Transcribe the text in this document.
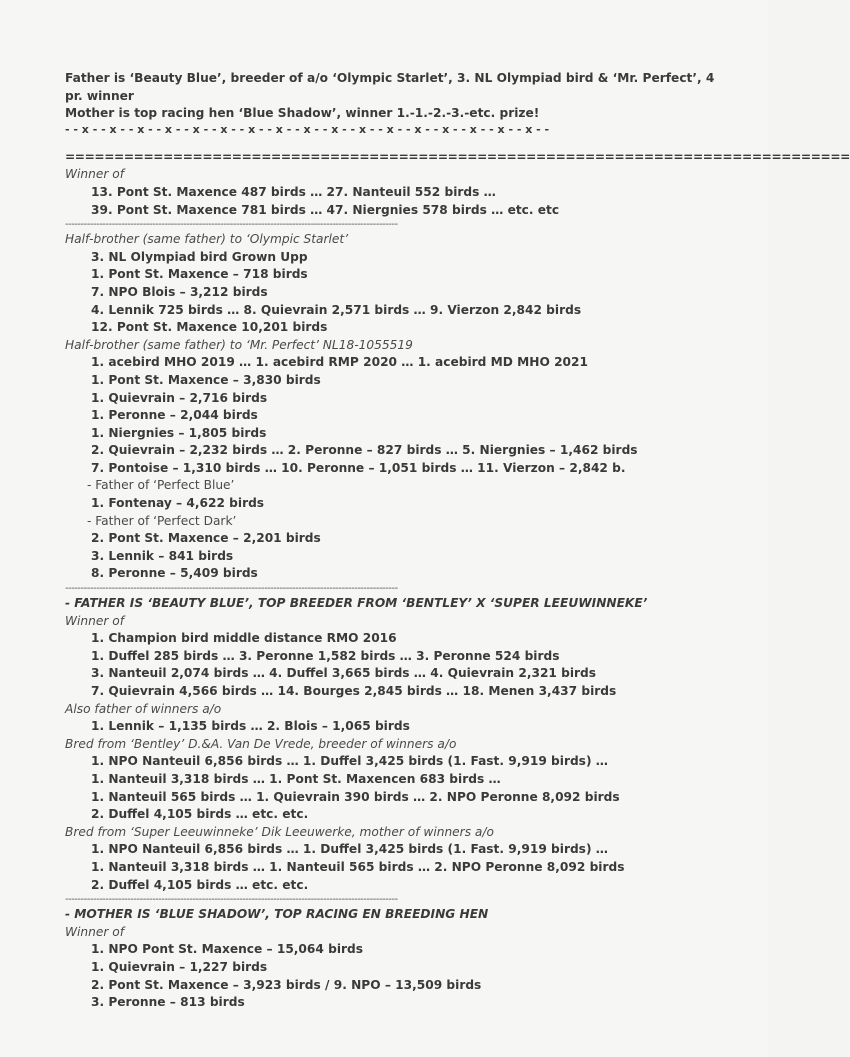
Father is ‘Beauty Blue’, breeder of a/o ‘Olympic Starlet’, 3. NL Olympiad bird & ‘Mr. Perfect’, 4
pr. winner
Mother is top racing hen ‘Blue Shadow’, winner 1.-1.-2.-3.-etc. prize!
- - x - - x - - x - - x - - x - - x - - x - - x - - x - - x - - x - - x - - x - - x - - x - - x - - x - -
================================================================================
Winner of
13. Pont St. Maxence 487 birds … 27. Nanteuil 552 birds …
39. Pont St. Maxence 781 birds … 47. Niergnies 578 birds … etc. etc
-----------------------------------------------------------------------------------------------------------
Half-brother (same father) to ‘Olympic Starlet’
3. NL Olympiad bird Grown Upp
1. Pont St. Maxence – 718 birds
7. NPO Blois – 3,212 birds
4. Lennik 725 birds … 8. Quievrain 2,571 birds … 9. Vierzon 2,842 birds
12. Pont St. Maxence 10,201 birds
Half-brother (same father) to ‘Mr. Perfect’ NL18-1055519
1. acebird MHO 2019 … 1. acebird RMP 2020 … 1. acebird MD MHO 2021
1. Pont St. Maxence – 3,830 birds
1. Quievrain – 2,716 birds
1. Peronne – 2,044 birds
1. Niergnies – 1,805 birds
2. Quievrain – 2,232 birds … 2. Peronne – 827 birds … 5. Niergnies – 1,462 birds
7. Pontoise – 1,310 birds … 10. Peronne – 1,051 birds … 11. Vierzon – 2,842 b.
- Father of ‘Perfect Blue’
1. Fontenay – 4,622 birds
- Father of ‘Perfect Dark’
2. Pont St. Maxence – 2,201 birds
3. Lennik – 841 birds
8. Peronne – 5,409 birds
-----------------------------------------------------------------------------------------------------------
- FATHER IS ‘BEAUTY BLUE’, TOP BREEDER FROM ‘BENTLEY’ X ‘SUPER LEEUWINNEKE’
Winner of
1. Champion bird middle distance RMO 2016
1. Duffel 285 birds … 3. Peronne 1,582 birds … 3. Peronne 524 birds
3. Nanteuil 2,074 birds … 4. Duffel 3,665 birds … 4. Quievrain 2,321 birds
7. Quievrain 4,566 birds … 14. Bourges 2,845 birds … 18. Menen 3,437 birds
Also father of winners a/o
1. Lennik – 1,135 birds … 2. Blois – 1,065 birds
Bred from ‘Bentley’ D.&A. Van De Vrede, breeder of winners a/o
1. NPO Nanteuil 6,856 birds … 1. Duffel 3,425 birds (1. Fast. 9,919 birds) …
1. Nanteuil 3,318 birds … 1. Pont St. Maxencen 683 birds …
1. Nanteuil 565 birds … 1. Quievrain 390 birds … 2. NPO Peronne 8,092 birds
2. Duffel 4,105 birds … etc. etc.
Bred from ‘Super Leeuwinneke’ Dik Leeuwerke, mother of winners a/o
1. NPO Nanteuil 6,856 birds … 1. Duffel 3,425 birds (1. Fast. 9,919 birds) …
1. Nanteuil 3,318 birds … 1. Nanteuil 565 birds … 2. NPO Peronne 8,092 birds
2. Duffel 4,105 birds … etc. etc.
-----------------------------------------------------------------------------------------------------------
- MOTHER IS ‘BLUE SHADOW’, TOP RACING EN BREEDING HEN
Winner of
1. NPO Pont St. Maxence – 15,064 birds
1. Quievrain – 1,227 birds
2. Pont St. Maxence – 3,923 birds / 9. NPO – 13,509 birds
3. Peronne – 813 birds
